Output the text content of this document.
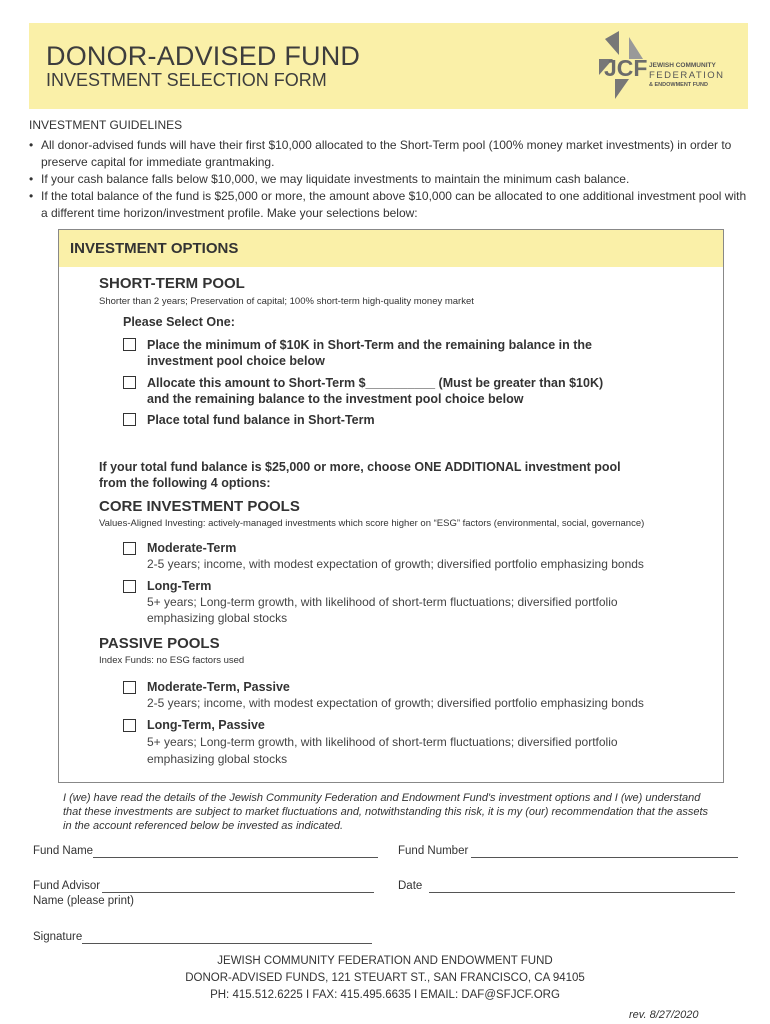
DONOR-ADVISED FUND
INVESTMENT SELECTION FORM	JCF JEWISH COMMUNITY
FEDERATION
& ENDOWMENT FUND
INVESTMENT GUIDELINES
• All donor-advised funds will have their first $10,000 allocated to the Short-Term pool (100% money market investments) in order to preserve capital for immediate grantmaking.
• If your cash balance falls below $10,000, we may liquidate investments to maintain the minimum cash balance.
• If the total balance of the fund is $25,000 or more, the amount above $10,000 can be allocated to one additional investment pool with a different time horizon/investment profile. Make your selections below:
INVESTMENT OPTIONS
SHORT-TERM POOL
Shorter than 2 years; Preservation of capital; 100% short-term high-quality money market
Please Select One:
Place the minimum of $10K in Short-Term and the remaining balance in the
investment pool choice below
Allocate this amount to Short-Term $__________ (Must be greater than $10K)
and the remaining balance to the investment pool choice below
Place total fund balance in Short-Term
If your total fund balance is $25,000 or more, choose ONE ADDITIONAL investment pool
from the following 4 options:
CORE INVESTMENT POOLS
Values-Aligned Investing: actively-managed investments which score higher on “ESG” factors (environmental, social, governance)
Moderate-Term
2-5 years; income, with modest expectation of growth; diversified portfolio emphasizing bonds
Long-Term
5+ years; Long-term growth, with likelihood of short-term fluctuations; diversified portfolio
emphasizing global stocks
PASSIVE POOLS
Index Funds: no ESG factors used
Moderate-Term, Passive
2-5 years; income, with modest expectation of growth; diversified portfolio emphasizing bonds
Long-Term, Passive
5+ years; Long-term growth, with likelihood of short-term fluctuations; diversified portfolio
emphasizing global stocks
I (we) have read the details of the Jewish Community Federation and Endowment Fund's investment options and I (we) understand that these investments are subject to market fluctuations and, notwithstanding this risk, it is my (our) recommendation that the assets in the account referenced below be invested as indicated.
Fund Name	Fund Number
Fund Advisor
Name (please print)
Date
Signature
JEWISH COMMUNITY FEDERATION AND ENDOWMENT FUND
DONOR-ADVISED FUNDS, 121 STEUART ST., SAN FRANCISCO, CA 94105
PH: 415.512.6225 I FAX: 415.495.6635 I EMAIL: DAF@SFJCF.ORG
rev. 8/27/2020
